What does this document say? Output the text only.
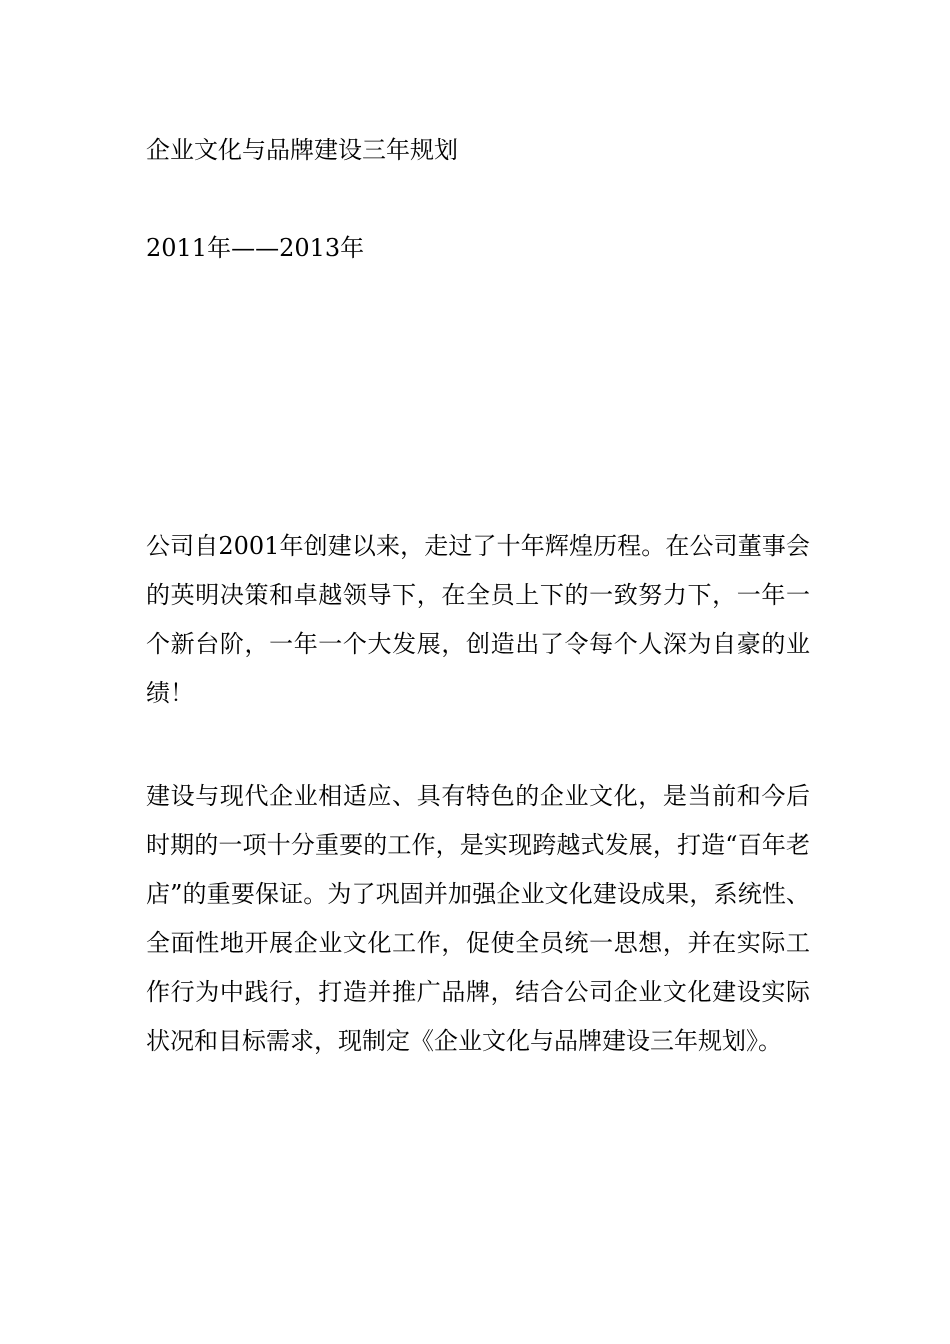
企业文化与品牌建设三年规划

2011年——2013年

公司自2001年创建以来，走过了十年辉煌历程。在公司董事会的英明决策和卓越领导下，在全员上下的一致努力下，一年一个新台阶，一年一个大发展，创造出了令每个人深为自豪的业绩！

建设与现代企业相适应、具有特色的企业文化，是当前和今后时期的一项十分重要的工作，是实现跨越式发展，打造“百年老店”的重要保证。为了巩固并加强企业文化建设成果，系统性、全面性地开展企业文化工作，促使全员统一思想，并在实际工作行为中践行，打造并推广品牌，结合公司企业文化建设实际状况和目标需求，现制定《企业文化与品牌建设三年规划》。
